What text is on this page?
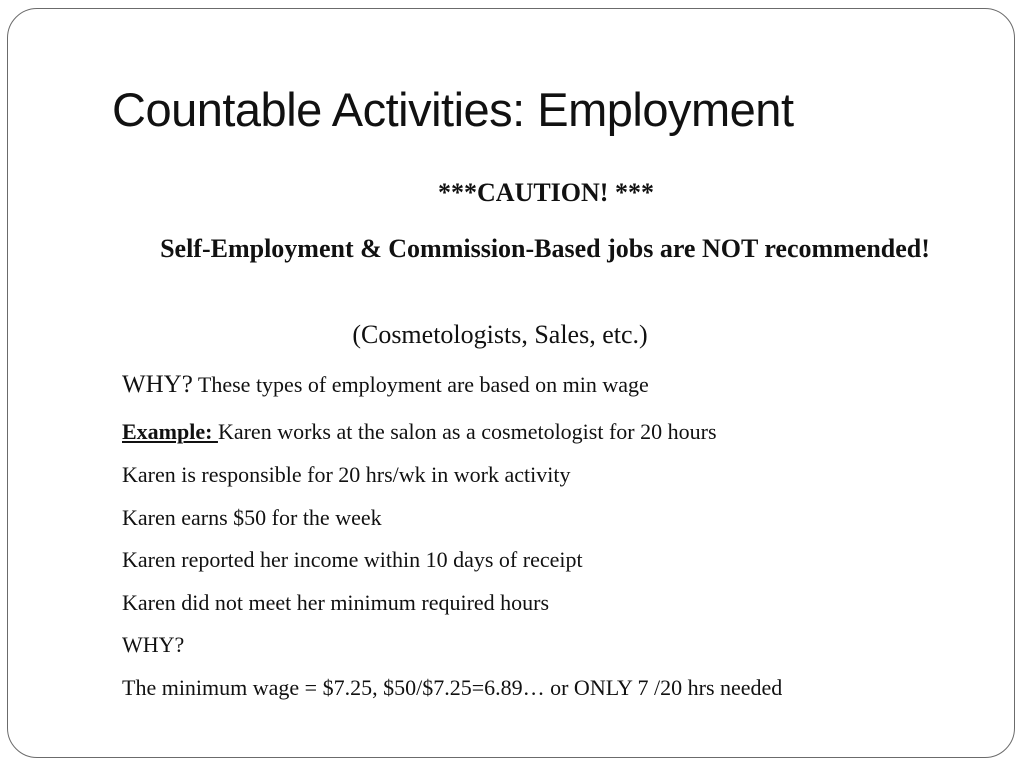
Countable Activities: Employment
***CAUTION! ***
Self-Employment & Commission-Based jobs are NOT recommended!
(Cosmetologists, Sales, etc.)
WHY? These types of employment are based on min wage
Example: Karen works at the salon as a cosmetologist for 20 hours
Karen is responsible for 20 hrs/wk in work activity
Karen earns $50 for the week
Karen reported her income within 10 days of receipt
Karen did not meet her minimum required hours
WHY?
The minimum wage = $7.25, $50/$7.25=6.89… or ONLY 7 /20 hrs needed
